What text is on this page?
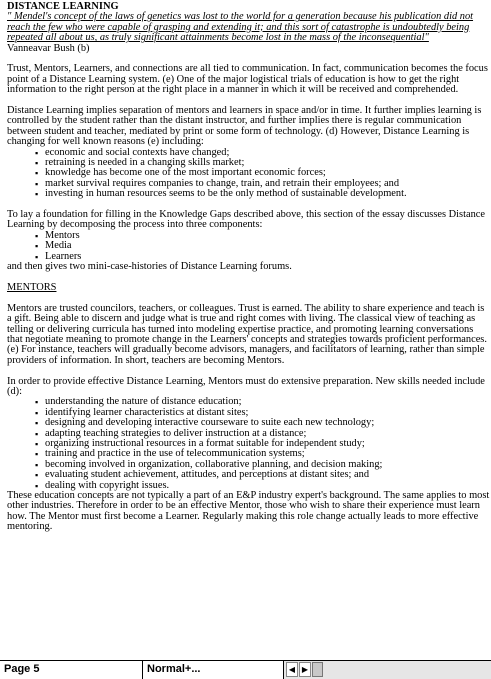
DISTANCE LEARNING

" Mendel's concept of the laws of genetics was lost to the world for a generation because his publication did not reach the few who were capable of grasping and extending it; and this sort of catastrophe is undoubtedly being repeated all about us, as truly significant attainments become lost in the mass of the inconsequential"

Vanneavar Bush (b)

Trust, Mentors, Learners, and connections are all tied to communication. In fact, communication becomes the focus point of a Distance Learning system. (e) One of the major logistical trials of education is how to get the right information to the right person at the right place in a manner in which it will be received and comprehended.

Distance Learning implies separation of mentors and learners in space and/or in time. It further implies learning is controlled by the student rather than the distant instructor, and further implies there is regular communication between student and teacher, mediated by print or some form of technology. (d) However, Distance Learning is changing for well known reasons (e) including:

▪ economic and social contexts have changed;
▪ retraining is needed in a changing skills market;
▪ knowledge has become one of the most important economic forces;
▪ market survival requires companies to change, train, and retrain their employees; and
▪ investing in human resources seems to be the only method of sustainable development.

To lay a foundation for filling in the Knowledge Gaps described above, this section of the essay discusses Distance Learning by decomposing the process into three components:

▪ Mentors
▪ Media
▪ Learners

and then gives two mini-case-histories of Distance Learning forums.

MENTORS

Mentors are trusted councilors, teachers, or colleagues. Trust is earned. The ability to share experience and teach is a gift. Being able to discern and judge what is true and right comes with living. The classical view of teaching as telling or delivering curricula has turned into modeling expertise practice, and promoting learning conversations that negotiate meaning to promote change in the Learners' concepts and strategies towards proficient performances. (e) For instance, teachers will gradually become advisors, managers, and facilitators of learning, rather than simple providers of information. In short, teachers are becoming Mentors.

In order to provide effective Distance Learning, Mentors must do extensive preparation. New skills needed include (d):

▪ understanding the nature of distance education;
▪ identifying learner characteristics at distant sites;
▪ designing and developing interactive courseware to suite each new technology;
▪ adapting teaching strategies to deliver instruction at a distance;
▪ organizing instructional resources in a format suitable for independent study;
▪ training and practice in the use of telecommunication systems;
▪ becoming involved in organization, collaborative planning, and decision making;
▪ evaluating student achievement, attitudes, and perceptions at distant sites; and
▪ dealing with copyright issues.

These education concepts are not typically a part of an E&P industry expert's background. The same applies to most other industries. Therefore in order to be an effective Mentor, those who wish to share their experience must learn how. The Mentor must first become a Learner. Regularly making this role change actually leads to more effective mentoring.

Page 5	Normal+...	◀ ▶
